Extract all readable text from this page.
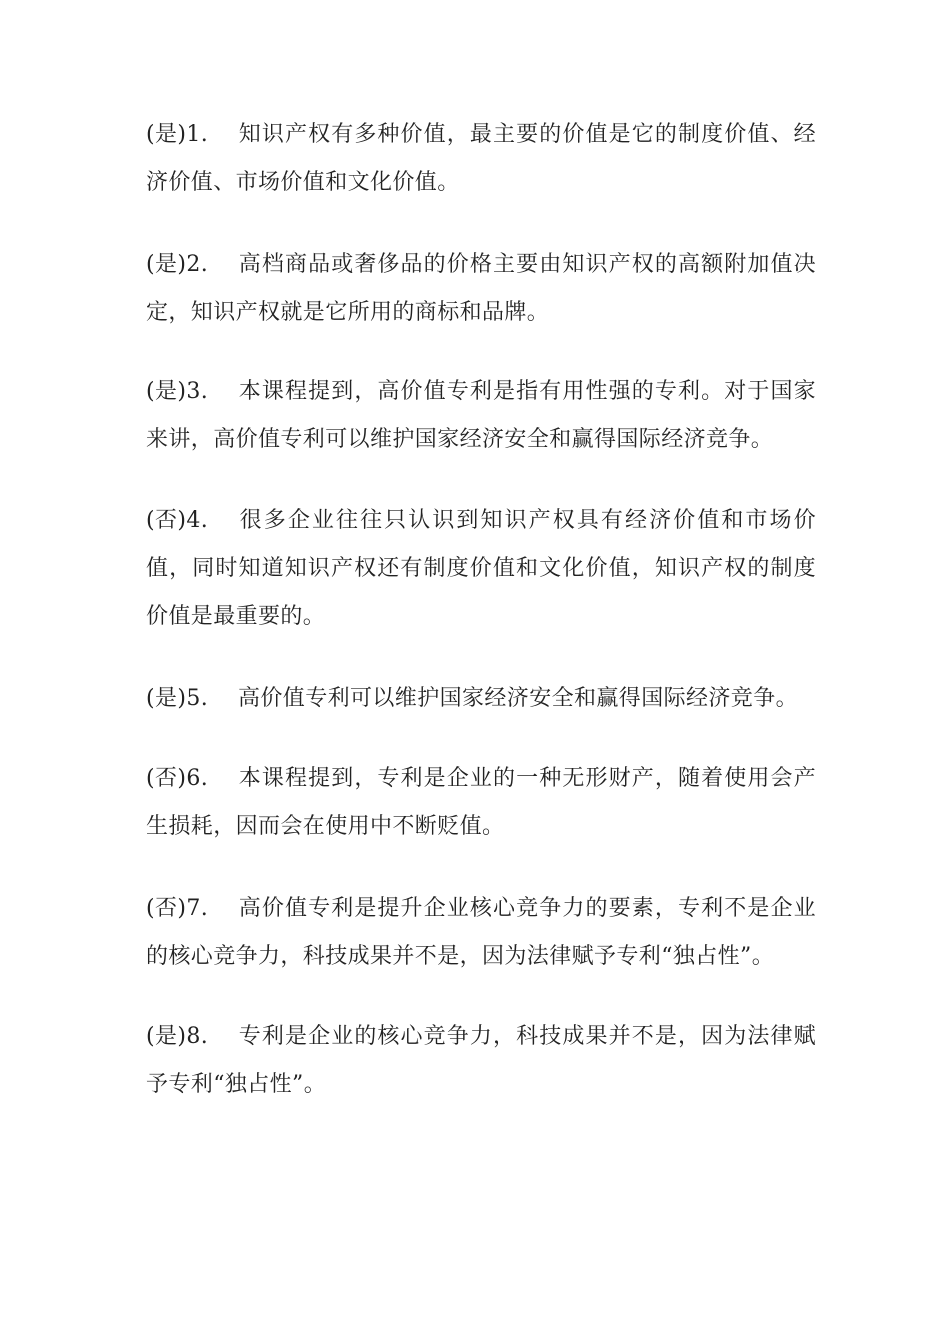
(是)1. 知识产权有多种价值，最主要的价值是它的制度价值、经济价值、市场价值和文化价值。
(是)2. 高档商品或奢侈品的价格主要由知识产权的高额附加值决定，知识产权就是它所用的商标和品牌。
(是)3. 本课程提到，高价值专利是指有用性强的专利。对于国家来讲，高价值专利可以维护国家经济安全和赢得国际经济竞争。
(否)4. 很多企业往往只认识到知识产权具有经济价值和市场价值，同时知道知识产权还有制度价值和文化价值，知识产权的制度价值是最重要的。
(是)5. 高价值专利可以维护国家经济安全和赢得国际经济竞争。
(否)6. 本课程提到，专利是企业的一种无形财产，随着使用会产生损耗，因而会在使用中不断贬值。
(否)7. 高价值专利是提升企业核心竞争力的要素，专利不是企业的核心竞争力，科技成果并不是，因为法律赋予专利“独占性”。
(是)8. 专利是企业的核心竞争力，科技成果并不是，因为法律赋予专利“独占性”。
